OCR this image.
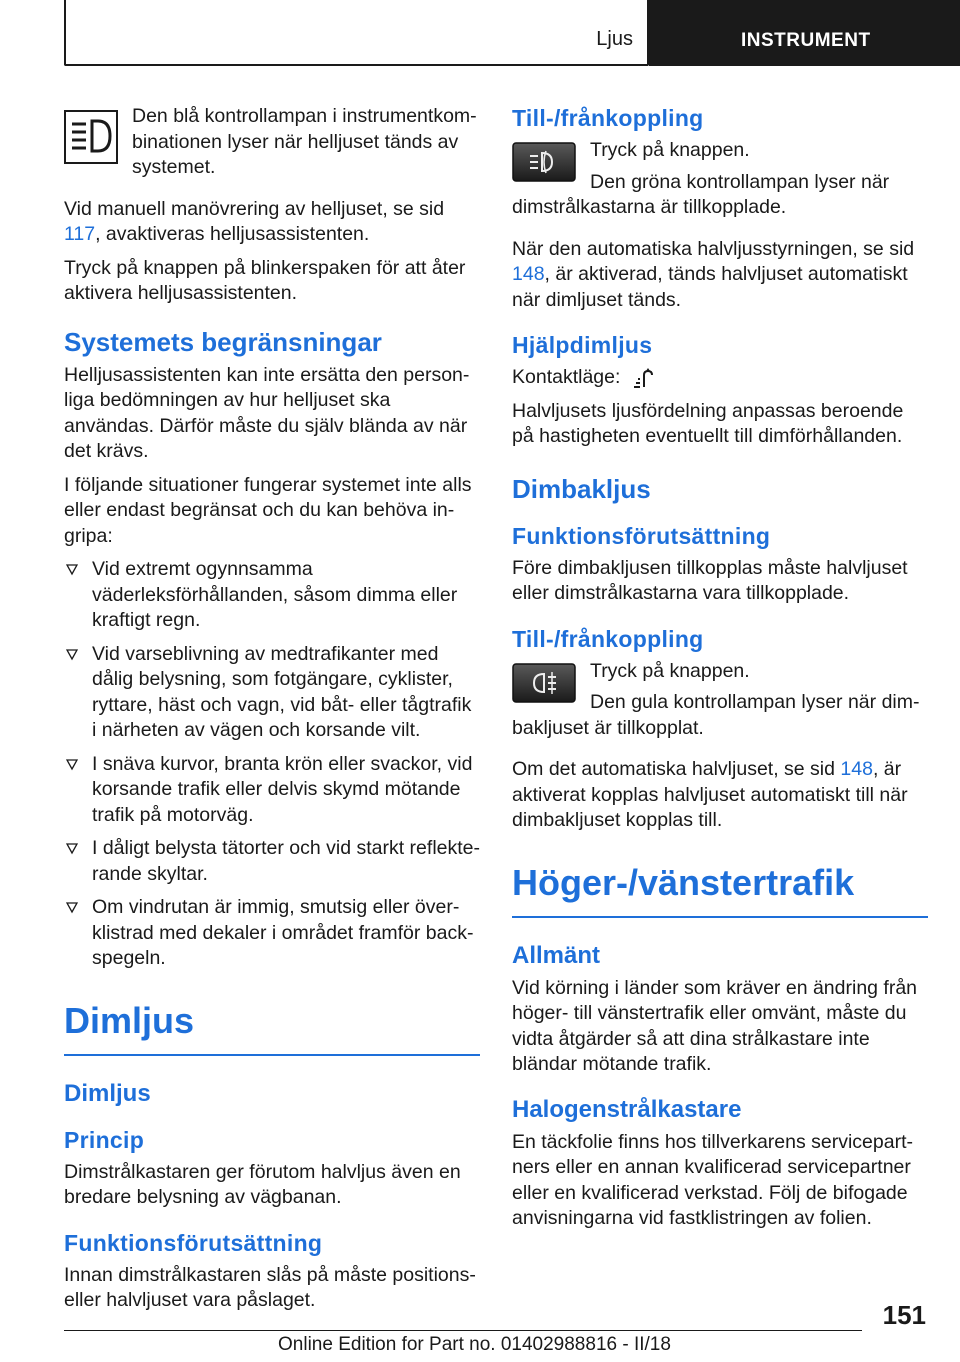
Ljus	INSTRUMENT

Den blå kontrollampan i instrumentkombinationen lyser när helljuset tänds av systemet.

Vid manuell manövrering av helljuset, se sid 117, avaktiveras helljusassistenten.

Tryck på knappen på blinkerspaken för att åter aktivera helljusassistenten.

Systemets begränsningar

Helljusassistenten kan inte ersätta den personliga bedömningen av hur helljuset ska användas. Därför måste du själv blända av när det krävs.

I följande situationer fungerar systemet inte alls eller endast begränsat och du kan behöva ingripa:

Vid extremt ogynnsamma väderleksförhållanden, såsom dimma eller kraftigt regn.
Vid varseblivning av medtrafikanter med dålig belysning, som fotgängare, cyklister, ryttare, häst och vagn, vid båt- eller tågtrafik i närheten av vägen och korsande vilt.
I snäva kurvor, branta krön eller svackor, vid korsande trafik eller delvis skymd mötande trafik på motorväg.
I dåligt belysta tätorter och vid starkt reflekterande skyltar.
Om vindrutan är immig, smutsig eller överklistrad med dekaler i området framför backspegeln.
Dimljus
Dimljus
Princip

Dimstrålkastaren ger förutom halvljus även en bredare belysning av vägbanan.

Funktionsförutsättning

Innan dimstrålkastaren slås på måste positionseller halvljuset vara påslaget.

Till-/frånkoppling

Tryck på knappen.

Den gröna kontrollampan lyser när dimstrålkastarna är tillkopplade.

När den automatiska halvljusstyrningen, se sid 148, är aktiverad, tänds halvljuset automatiskt när dimljuset tänds.

Hjälpdimljus

Kontaktläge:

Halvljusets ljusfördelning anpassas beroende på hastigheten eventuellt till dimförhållanden.

Dimbakljus
Funktionsförutsättning

Före dimbakljusen tillkopplas måste halvljuset eller dimstrålkastarna vara tillkopplade.

Till-/frånkoppling

Tryck på knappen.

Den gula kontrollampan lyser när dimbakljuset är tillkopplat.

Om det automatiska halvljuset, se sid 148, är aktiverat kopplas halvljuset automatiskt till när dimbakljuset kopplas till.

Höger-/vänstertrafik
Allmänt

Vid körning i länder som kräver en ändring från höger- till vänstertrafik eller omvänt, måste du vidta åtgärder så att dina strålkastare inte bländar mötande trafik.

Halogenstrålkastare

En täckfolie finns hos tillverkarens servicepartners eller en annan kvalificerad servicepartner eller en kvalificerad verkstad. Följ de bifogade anvisningarna vid fastklistringen av folien.

151
Online Edition for Part no. 01402988816 - II/18
